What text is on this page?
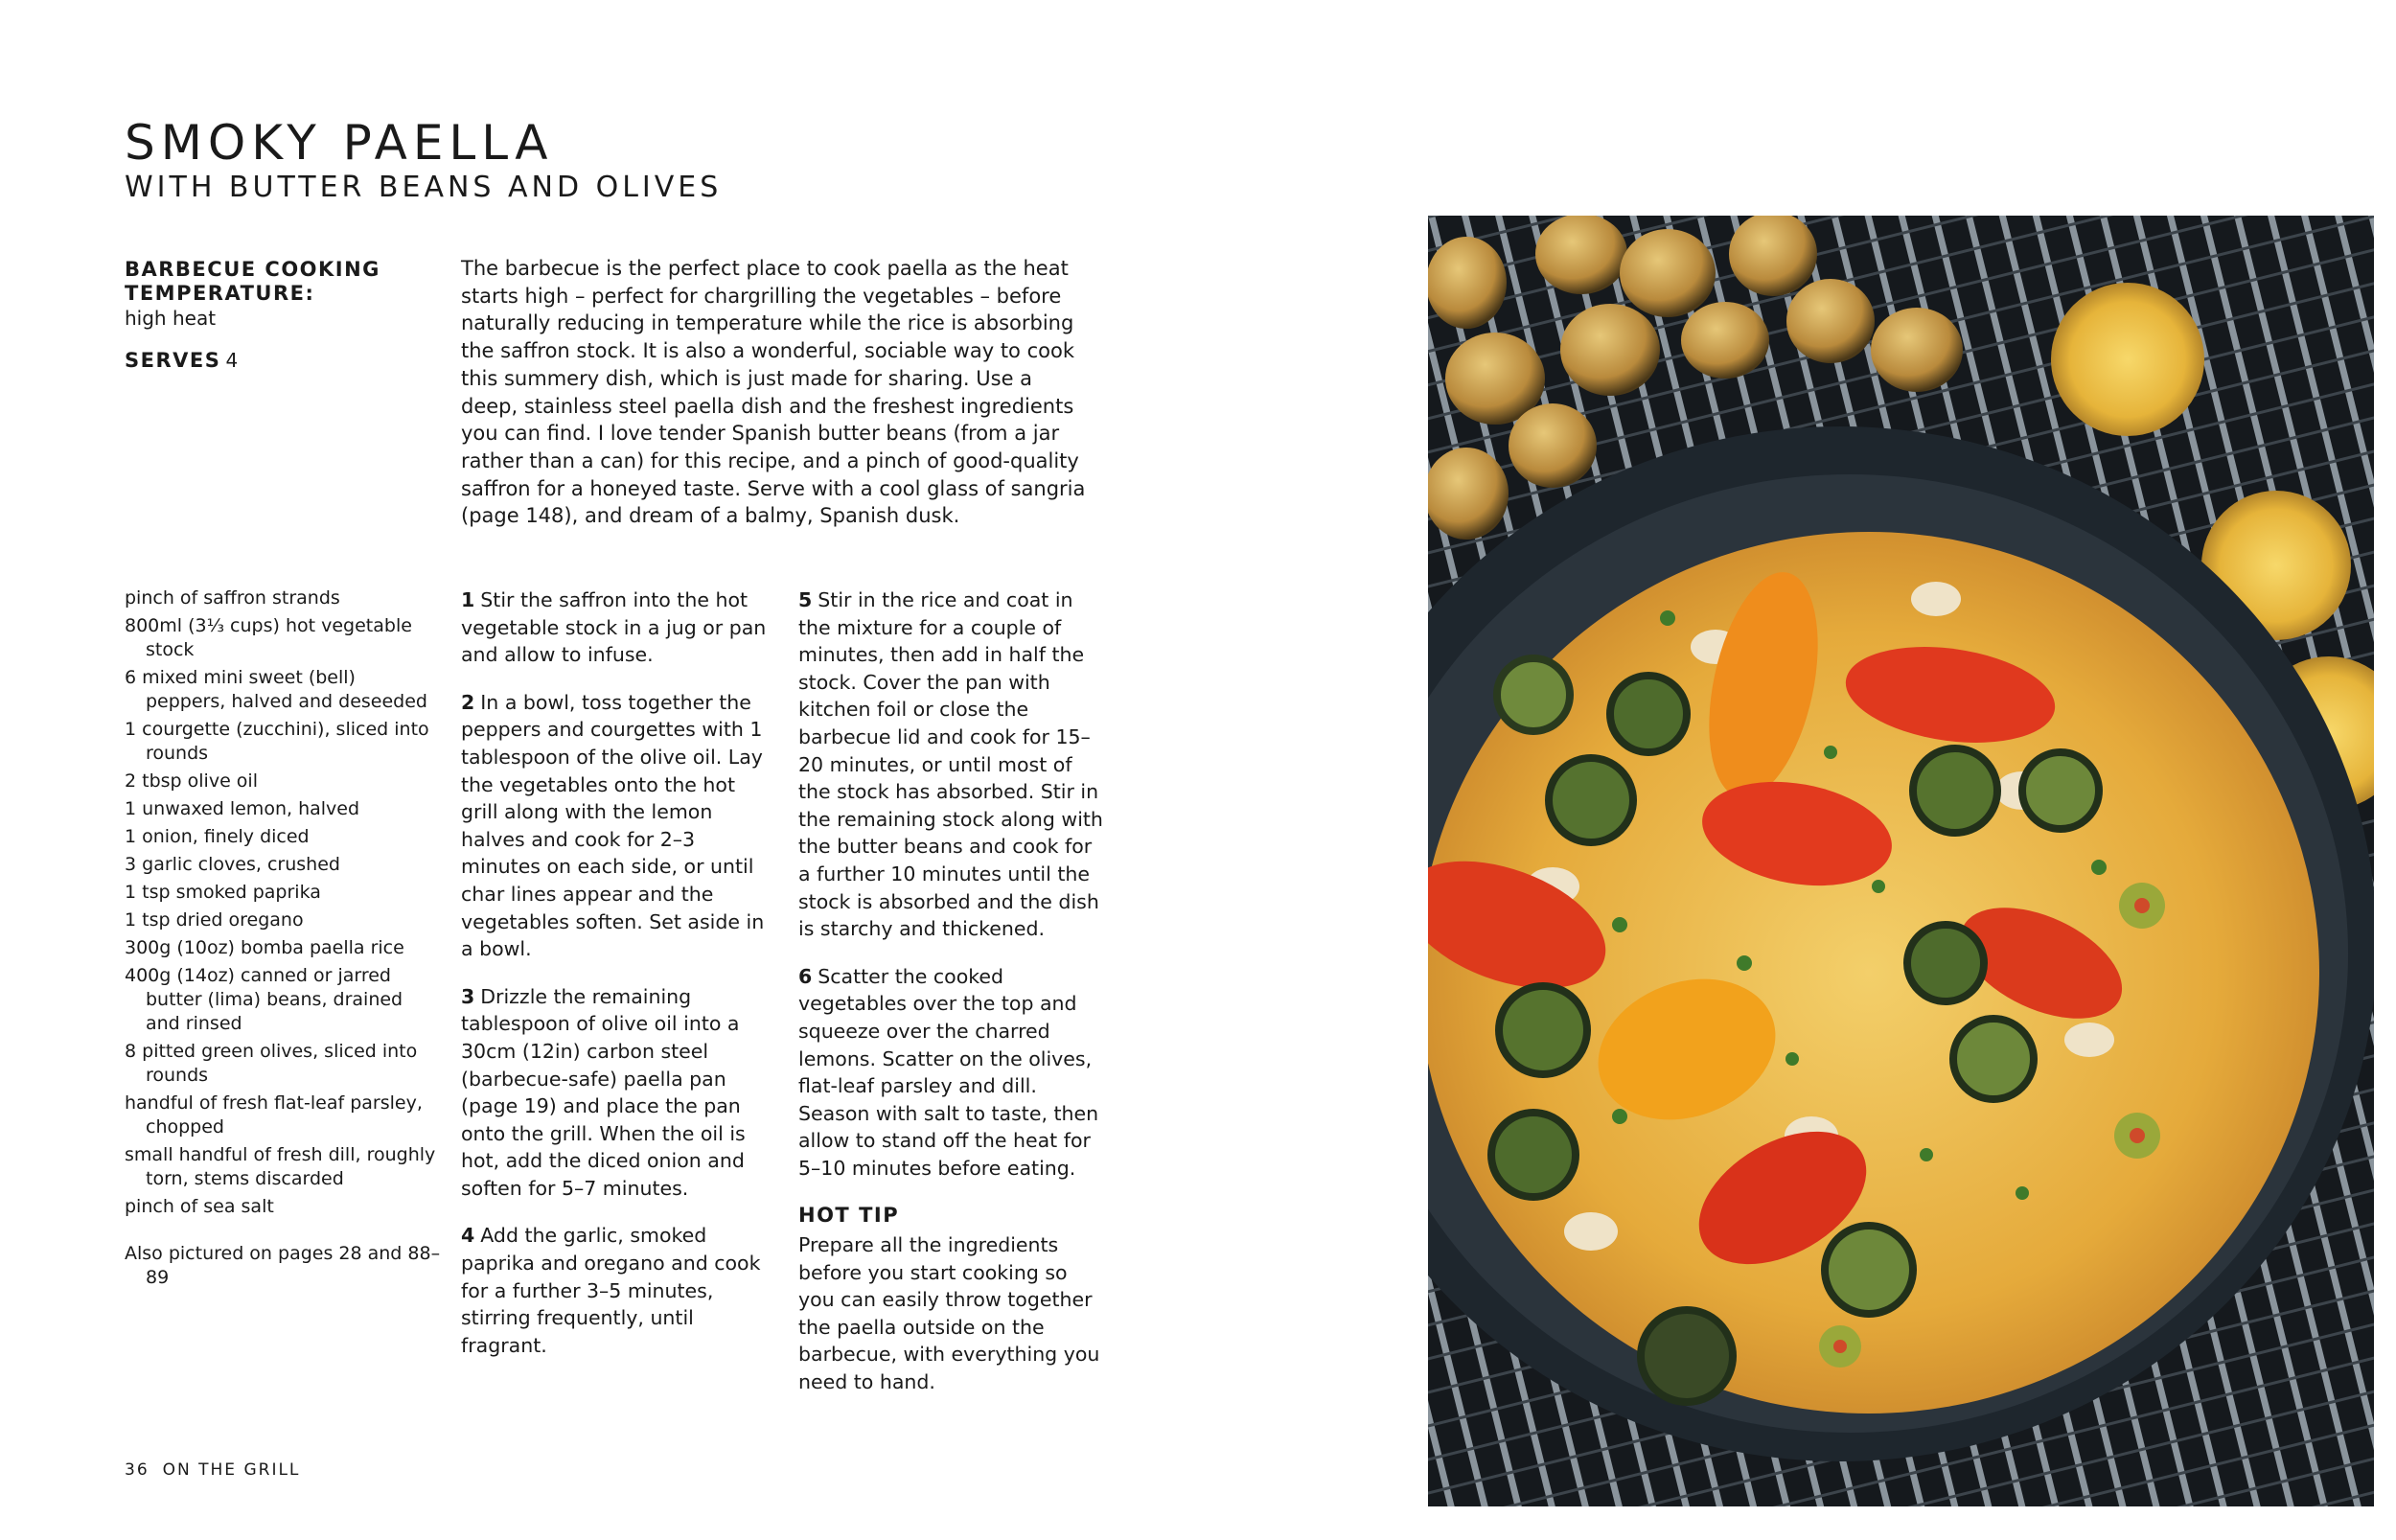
SMOKY PAELLA
WITH BUTTER BEANS AND OLIVES
BARBECUE COOKING TEMPERATURE:
high heat
SERVES 4
The barbecue is the perfect place to cook paella as the heat starts high – perfect for chargrilling the vegetables – before naturally reducing in temperature while the rice is absorbing the saffron stock. It is also a wonderful, sociable way to cook this summery dish, which is just made for sharing. Use a deep, stainless steel paella dish and the freshest ingredients you can find. I love tender Spanish butter beans (from a jar rather than a can) for this recipe, and a pinch of good-quality saffron for a honeyed taste. Serve with a cool glass of sangria (page 148), and dream of a balmy, Spanish dusk.
pinch of saffron strands
800ml (3⅓ cups) hot vegetable stock
6 mixed mini sweet (bell) peppers, halved and deseeded
1 courgette (zucchini), sliced into rounds
2 tbsp olive oil
1 unwaxed lemon, halved
1 onion, finely diced
3 garlic cloves, crushed
1 tsp smoked paprika
1 tsp dried oregano
300g (10oz) bomba paella rice
400g (14oz) canned or jarred butter (lima) beans, drained and rinsed
8 pitted green olives, sliced into rounds
handful of fresh flat-leaf parsley, chopped
small handful of fresh dill, roughly torn, stems discarded
pinch of sea salt
Also pictured on pages 28 and 88–89
1 Stir the saffron into the hot vegetable stock in a jug or pan and allow to infuse.
2 In a bowl, toss together the peppers and courgettes with 1 tablespoon of the olive oil. Lay the vegetables onto the hot grill along with the lemon halves and cook for 2–3 minutes on each side, or until char lines appear and the vegetables soften. Set aside in a bowl.
3 Drizzle the remaining tablespoon of olive oil into a 30cm (12in) carbon steel (barbecue-safe) paella pan (page 19) and place the pan onto the grill. When the oil is hot, add the diced onion and soften for 5–7 minutes.
4 Add the garlic, smoked paprika and oregano and cook for a further 3–5 minutes, stirring frequently, until fragrant.
5 Stir in the rice and coat in the mixture for a couple of minutes, then add in half the stock. Cover the pan with kitchen foil or close the barbecue lid and cook for 15–20 minutes, or until most of the stock has absorbed. Stir in the remaining stock along with the butter beans and cook for a further 10 minutes until the stock is absorbed and the dish is starchy and thickened.
6 Scatter the cooked vegetables over the top and squeeze over the charred lemons. Scatter on the olives, flat-leaf parsley and dill. Season with salt to taste, then allow to stand off the heat for 5–10 minutes before eating.
HOT TIP
Prepare all the ingredients before you start cooking so you can easily throw together the paella outside on the barbecue, with everything you need to hand.
36 ON THE GRILL
